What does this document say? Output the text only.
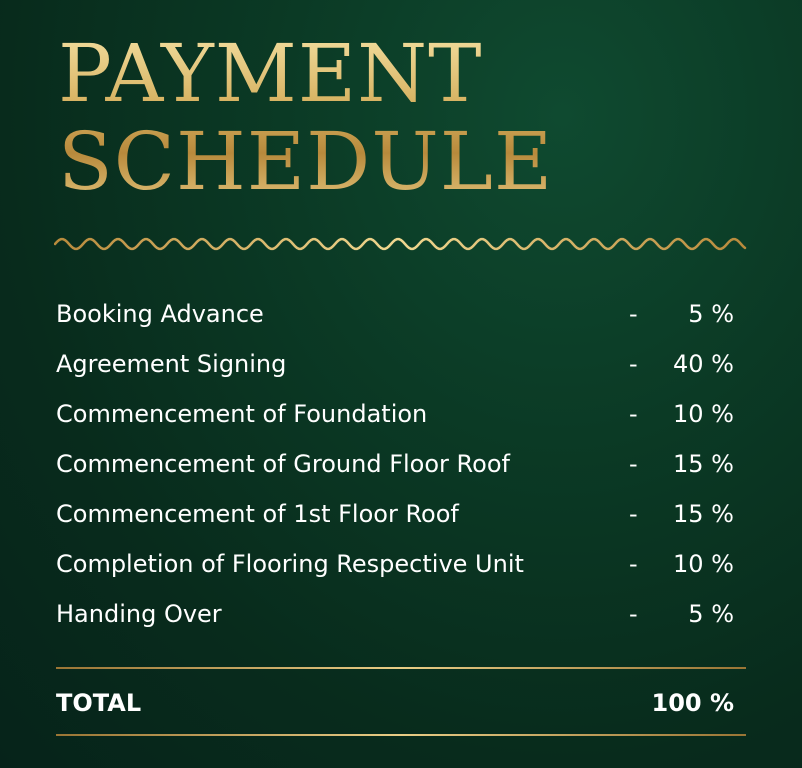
PAYMENT
SCHEDULE
Booking Advance	- 5 %
Agreement Signing	- 40 %
Commencement of Foundation	- 10 %
Commencement of Ground Floor Roof	- 15 %
Commencement of 1st Floor Roof	- 15 %
Completion of Flooring Respective Unit	- 10 %
Handing Over	- 5 %
TOTAL	100 %
